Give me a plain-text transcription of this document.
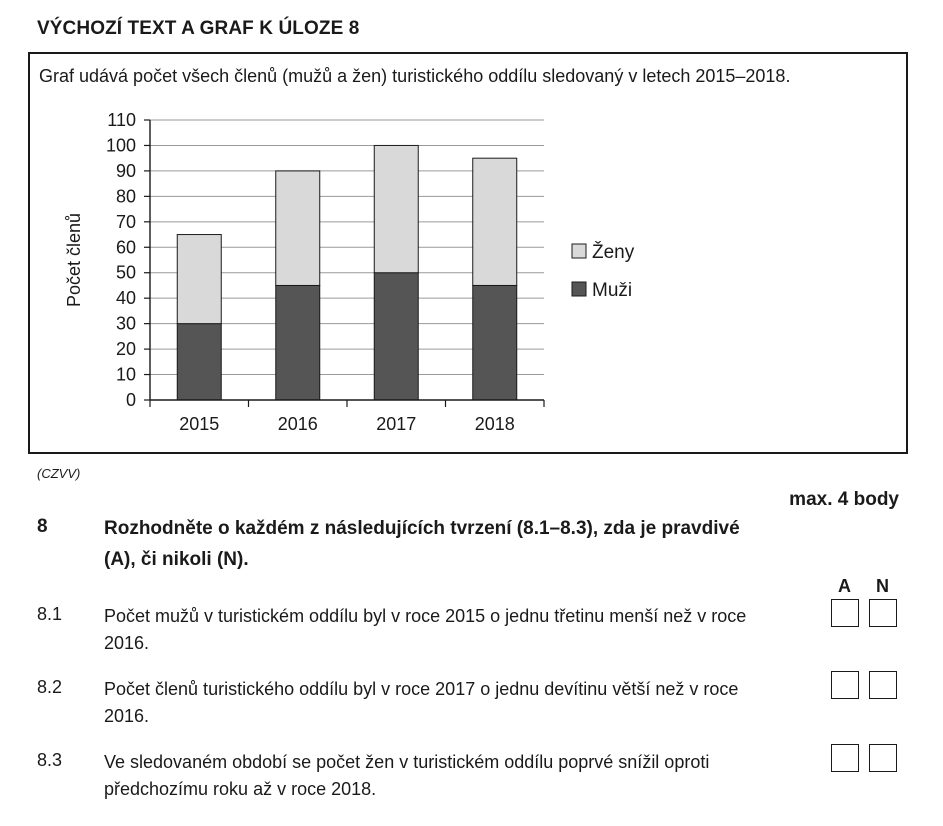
VÝCHOZÍ TEXT A GRAF K ÚLOZE 8
Graf udává počet všech členů (mužů a žen) turistického oddílu sledovaný v letech 2015–2018.
0
10
20
30
40
50
60
70
80
90
100
110
Počet členů
2015	2016	2017	2018
Ženy
Muži
(CZVV)
max. 4 body
8	Rozhodněte o každém z následujících tvrzení (8.1–8.3), zda je pravdivé (A), či nikoli (N).
A N
8.1 Počet mužů v turistickém oddílu byl v roce 2015 o jednu třetinu menší než v roce 2016.
8.2 Počet členů turistického oddílu byl v roce 2017 o jednu devítinu větší než v roce 2016.
8.3 Ve sledovaném období se počet žen v turistickém oddílu poprvé snížil oproti předchozímu roku až v roce 2018.
